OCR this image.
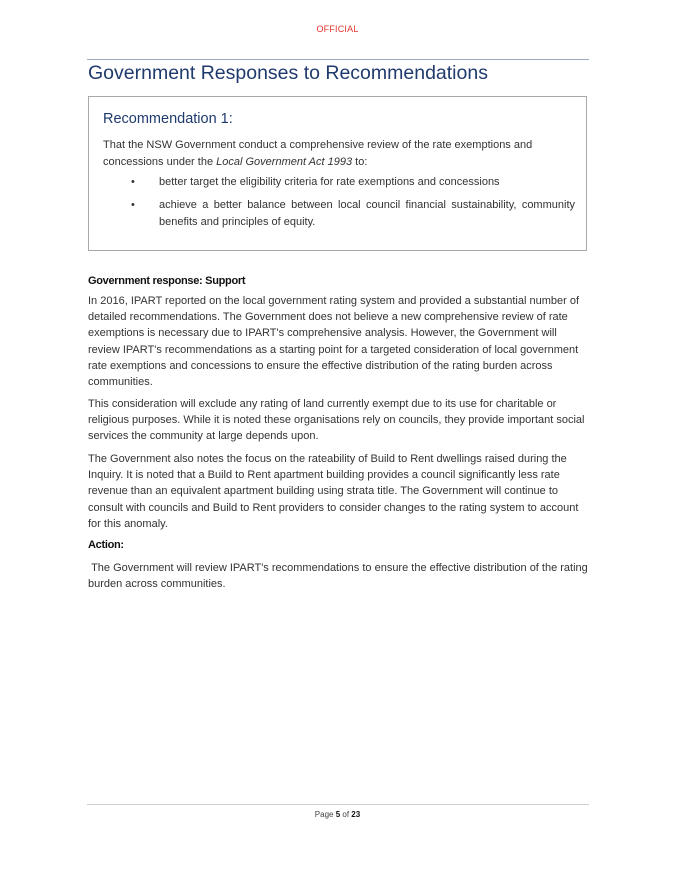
OFFICIAL
Government Responses to Recommendations
Recommendation 1:

That the NSW Government conduct a comprehensive review of the rate exemptions and concessions under the Local Government Act 1993 to:

• better target the eligibility criteria for rate exemptions and concessions
• achieve a better balance between local council financial sustainability, community benefits and principles of equity.
Government response: Support

In 2016, IPART reported on the local government rating system and provided a substantial number of detailed recommendations. The Government does not believe a new comprehensive review of rate exemptions is necessary due to IPART's comprehensive analysis. However, the Government will review IPART's recommendations as a starting point for a targeted consideration of local government rate exemptions and concessions to ensure the effective distribution of the rating burden across communities.

This consideration will exclude any rating of land currently exempt due to its use for charitable or religious purposes. While it is noted these organisations rely on councils, they provide important social services the community at large depends upon.

The Government also notes the focus on the rateability of Build to Rent dwellings raised during the Inquiry. It is noted that a Build to Rent apartment building provides a council significantly less rate revenue than an equivalent apartment building using strata title. The Government will continue to consult with councils and Build to Rent providers to consider changes to the rating system to account for this anomaly.

Action:

The Government will review IPART's recommendations to ensure the effective distribution of the rating burden across communities.

Page 5 of 23
